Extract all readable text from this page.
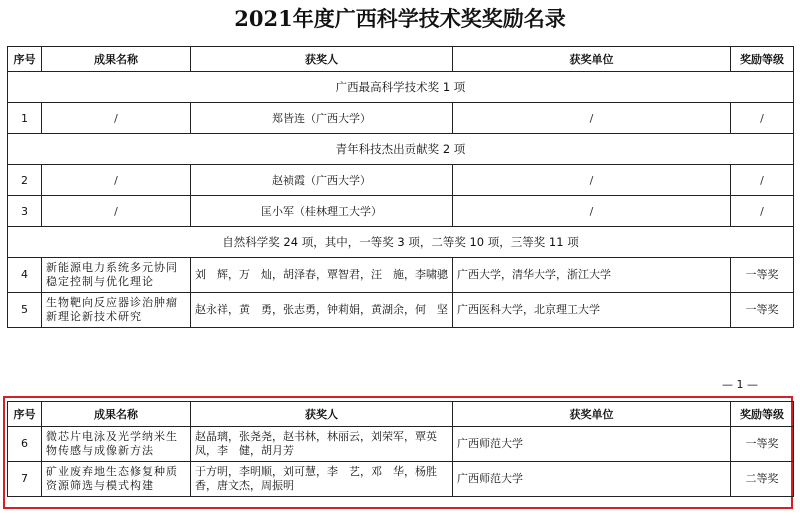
2021年度广西科学技术奖奖励名录
序号	成果名称	获奖人	获奖单位	奖励等级
广西最高科学技术奖 1 项				
1	/	郑皆连（广西大学）	/	/
青年科技杰出贡献奖 2 项				
2	/	赵祯霞（广西大学）	/	/
3	/	匡小军（桂林理工大学）	/	/
自然科学奖 24 项，其中，一等奖 3 项，二等奖 10 项，三等奖 11 项				
4	新能源电力系统多元协同稳定控制与优化理论	刘　辉，万　灿，胡泽春，覃智君，汪　施，李啸骢	广西大学，清华大学，浙江大学	一等奖
5	生物靶向反应器诊治肿瘤新理论新技术研究	赵永祥，黄　勇，张志勇，钟莉娟，黄湖余，何　坚	广西医科大学，北京理工大学	一等奖
— 1 —
序号	成果名称	获奖人	获奖单位	奖励等级
6	微芯片电泳及光学纳米生物传感与成像新方法	赵晶璃，张尧尧，赵书林，林丽云，刘荣军，覃英凤，李　健，胡月芳	广西师范大学	一等奖
7	矿业废弃地生态修复种质资源筛选与模式构建	于方明，李明顺，刘可慧，李　艺，邓　华，杨胜香，唐文杰，周振明	广西师范大学	二等奖
